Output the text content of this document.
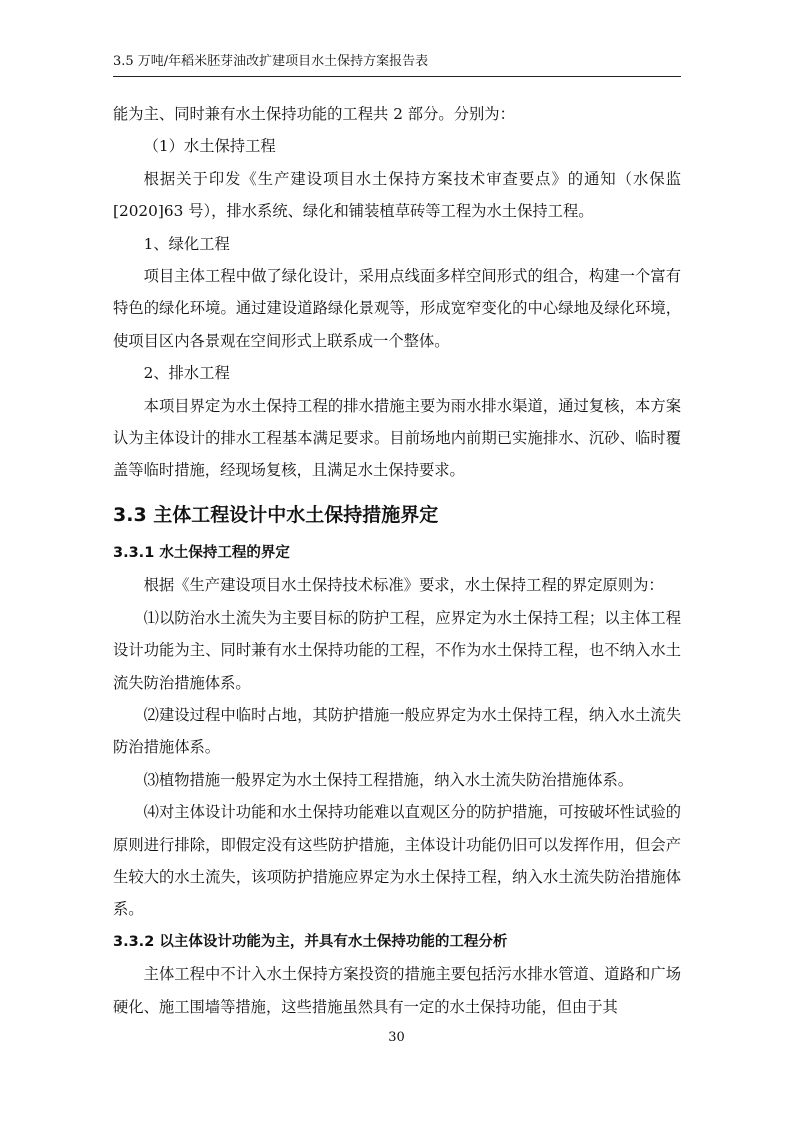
3.5 万吨/年稻米胚芽油改扩建项目水土保持方案报告表

能为主、同时兼有水土保持功能的工程共 2 部分。分别为：

（1）水土保持工程

根据关于印发《生产建设项目水土保持方案技术审查要点》的通知（水保监[2020]63 号），排水系统、绿化和铺装植草砖等工程为水土保持工程。

1、绿化工程

项目主体工程中做了绿化设计，采用点线面多样空间形式的组合，构建一个富有特色的绿化环境。通过建设道路绿化景观等，形成宽窄变化的中心绿地及绿化环境，使项目区内各景观在空间形式上联系成一个整体。

2、排水工程

本项目界定为水土保持工程的排水措施主要为雨水排水渠道，通过复核，本方案认为主体设计的排水工程基本满足要求。目前场地内前期已实施排水、沉砂、临时覆盖等临时措施，经现场复核，且满足水土保持要求。

3.3 主体工程设计中水土保持措施界定
3.3.1 水土保持工程的界定

根据《生产建设项目水土保持技术标准》要求，水土保持工程的界定原则为：

⑴以防治水土流失为主要目标的防护工程，应界定为水土保持工程；以主体工程设计功能为主、同时兼有水土保持功能的工程，不作为水土保持工程，也不纳入水土流失防治措施体系。

⑵建设过程中临时占地，其防护措施一般应界定为水土保持工程，纳入水土流失防治措施体系。

⑶植物措施一般界定为水土保持工程措施，纳入水土流失防治措施体系。

⑷对主体设计功能和水土保持功能难以直观区分的防护措施，可按破坏性试验的原则进行排除，即假定没有这些防护措施，主体设计功能仍旧可以发挥作用，但会产生较大的水土流失，该项防护措施应界定为水土保持工程，纳入水土流失防治措施体系。

3.3.2 以主体设计功能为主，并具有水土保持功能的工程分析

主体工程中不计入水土保持方案投资的措施主要包括污水排水管道、道路和广场硬化、施工围墙等措施，这些措施虽然具有一定的水土保持功能，但由于其

30
